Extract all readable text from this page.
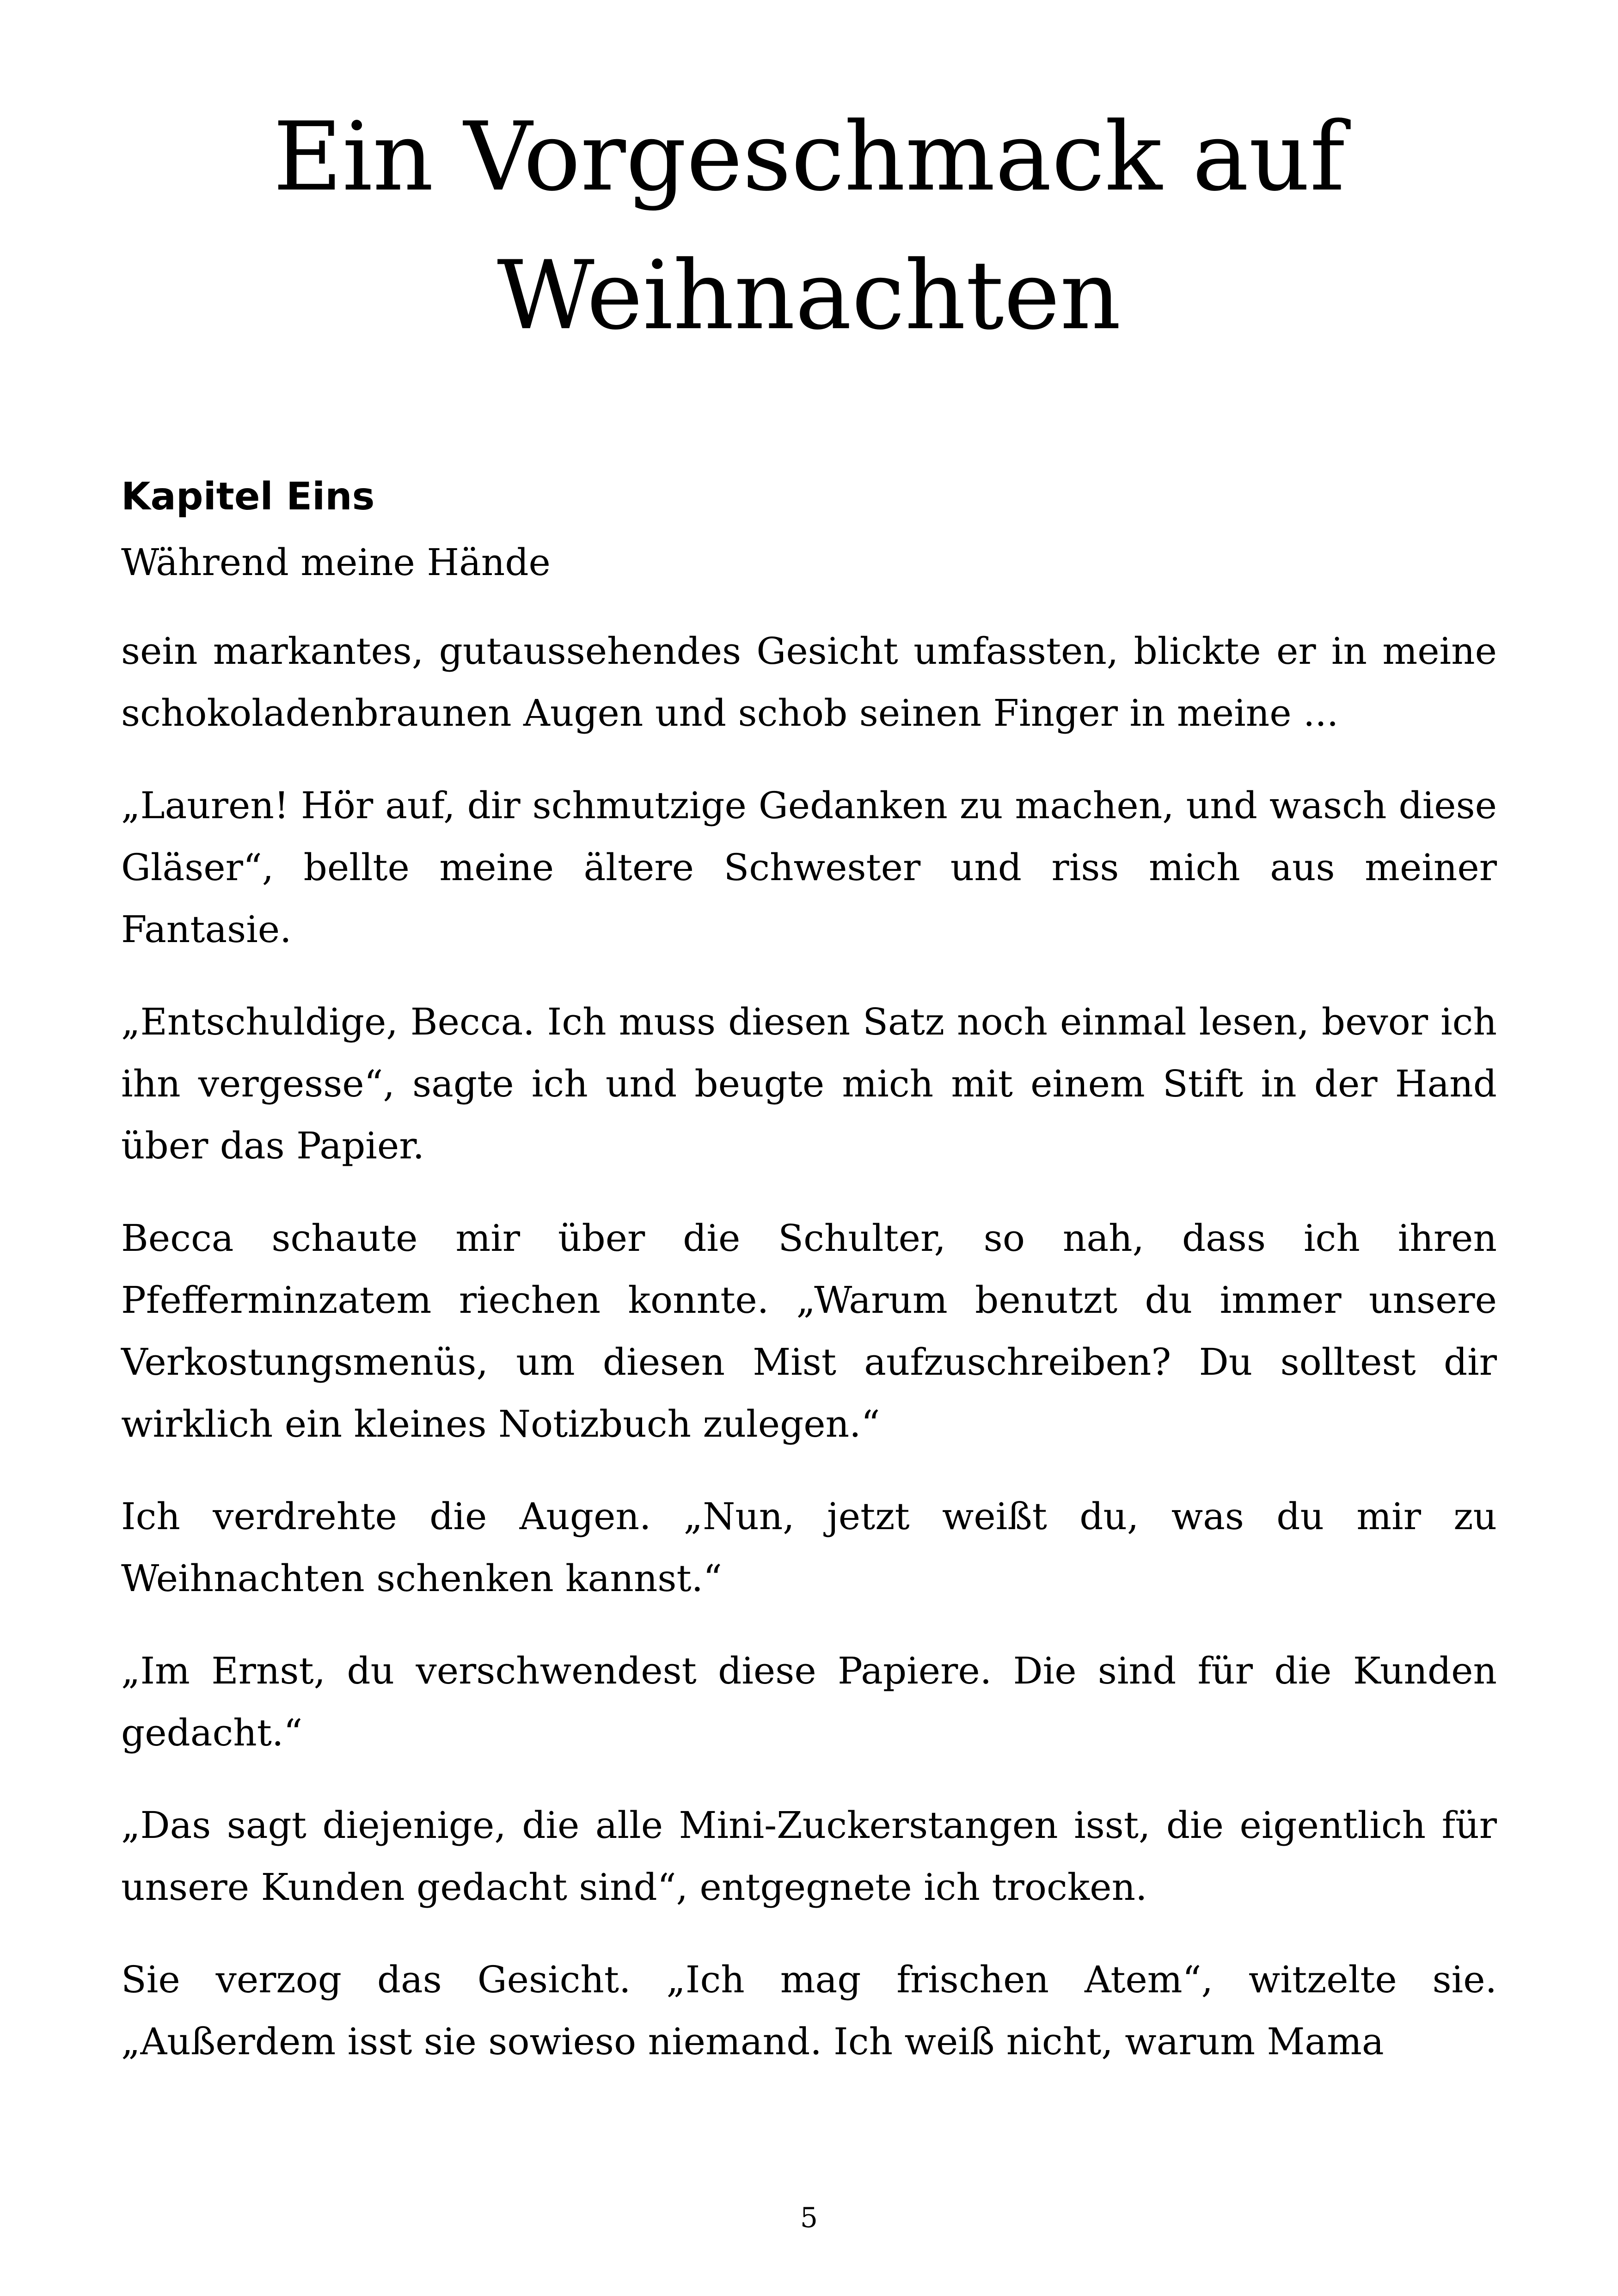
Ein Vorgeschmack auf
Weihnachten
Kapitel Eins

Während meine Hände

sein markantes, gutaussehendes Gesicht umfassten, blickte er in meine schokoladenbraunen Augen und schob seinen Finger in meine ...

„Lauren! Hör auf, dir schmutzige Gedanken zu machen, und wasch diese Gläser“, bellte meine ältere Schwester und riss mich aus meiner Fantasie.

„Entschuldige, Becca. Ich muss diesen Satz noch einmal lesen, bevor ich ihn vergesse“, sagte ich und beugte mich mit einem Stift in der Hand über das Papier.

Becca schaute mir über die Schulter, so nah, dass ich ihren Pfefferminzatem riechen konnte. „Warum benutzt du immer unsere Verkostungsmenüs, um diesen Mist aufzuschreiben? Du solltest dir wirklich ein kleines Notizbuch zulegen.“

Ich verdrehte die Augen. „Nun, jetzt weißt du, was du mir zu Weihnachten schenken kannst.“

„Im Ernst, du verschwendest diese Papiere. Die sind für die Kunden gedacht.“

„Das sagt diejenige, die alle Mini-Zuckerstangen isst, die eigentlich für unsere Kunden gedacht sind“, entgegnete ich trocken.

Sie verzog das Gesicht. „Ich mag frischen Atem“, witzelte sie. „Außerdem isst sie sowieso niemand. Ich weiß nicht, warum Mama

5
